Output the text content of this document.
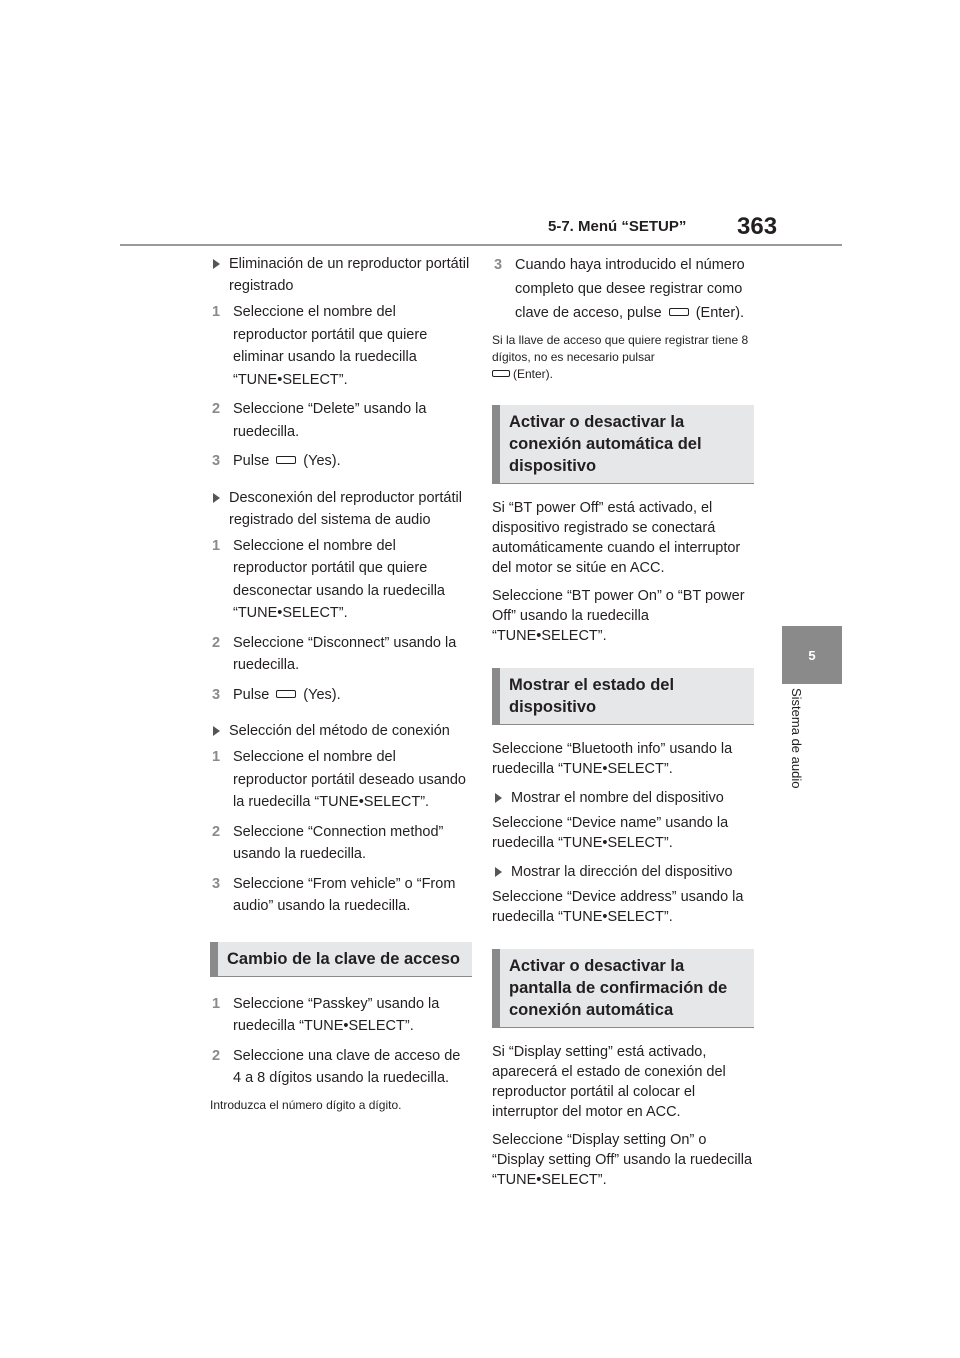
5-7. Menú “SETUP” 363
5
Sistema de audio
Eliminación de un reproductor portátil registrado
1 Seleccione el nombre del reproductor portátil que quiere eliminar usando la ruedecilla “TUNE•SELECT”.
2 Seleccione “Delete” usando la ruedecilla.
3 Pulse (Yes).
Desconexión del reproductor portátil registrado del sistema de audio
1 Seleccione el nombre del reproductor portátil que quiere desconectar usando la ruedecilla “TUNE•SELECT”.
2 Seleccione “Disconnect” usando la ruedecilla.
3 Pulse (Yes).
Selección del método de conexión
1 Seleccione el nombre del reproductor portátil deseado usando la ruedecilla “TUNE•SELECT”.
2 Seleccione “Connection method” usando la ruedecilla.
3 Seleccione “From vehicle” o “From audio” usando la ruedecilla.
Cambio de la clave de acceso
1 Seleccione “Passkey” usando la ruedecilla “TUNE•SELECT”.
2 Seleccione una clave de acceso de 4 a 8 dígitos usando la ruedecilla.
Introduzca el número dígito a dígito.
3 Cuando haya introducido el número completo que desee registrar como clave de acceso, pulse (Enter).
Si la llave de acceso que quiere registrar tiene 8 dígitos, no es necesario pulsar
(Enter).
Activar o desactivar la conexión automática del dispositivo
Si “BT power Off” está activado, el dispositivo registrado se conectará automáticamente cuando el interruptor del motor se sitúe en ACC.
Seleccione “BT power On” o “BT power Off” usando la ruedecilla “TUNE•SELECT”.
Mostrar el estado del dispositivo
Seleccione “Bluetooth info” usando la ruedecilla “TUNE•SELECT”.
Mostrar el nombre del dispositivo
Seleccione “Device name” usando la ruedecilla “TUNE•SELECT”.
Mostrar la dirección del dispositivo
Seleccione “Device address” usando la ruedecilla “TUNE•SELECT”.
Activar o desactivar la pantalla de confirmación de conexión automática
Si “Display setting” está activado, aparecerá el estado de conexión del reproductor portátil al colocar el interruptor del motor en ACC.
Seleccione “Display setting On” o “Display setting Off” usando la ruedecilla “TUNE•SELECT”.
